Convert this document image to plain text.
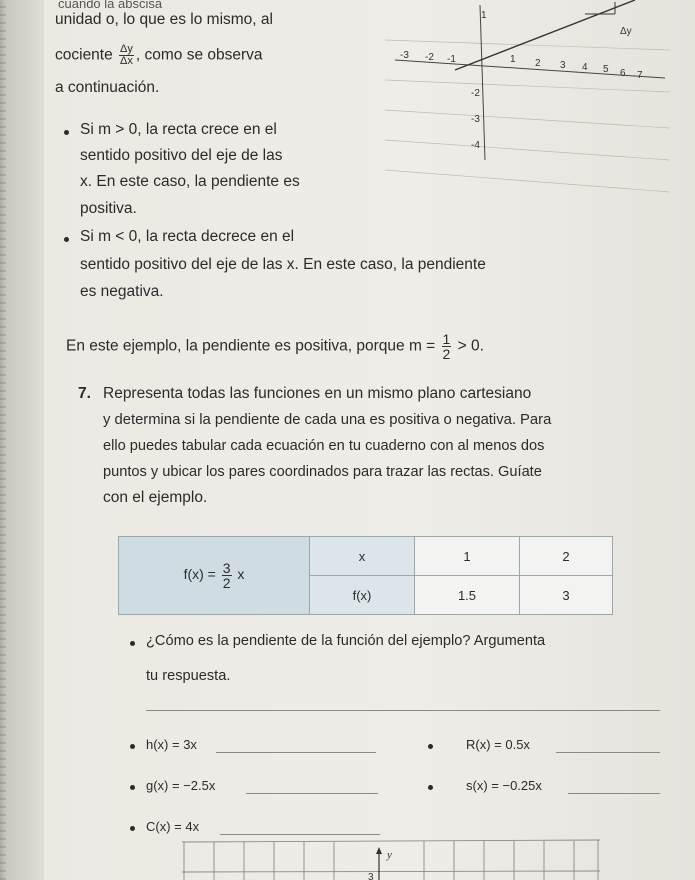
cuando la abscisa
unidad o, lo que es lo mismo, al
cociente $\frac{\Delta y}{\Delta x}$ , como se observa
a continuación.
Si m > 0, la recta crece en el
sentido positivo del eje de las
x. En este caso, la pendiente es
positiva.
Si m < 0, la recta decrece en el
sentido positivo del eje de las x. En este caso, la pendiente
es negativa.
Δy
-3 -2 -1	1 2 3 4 5 6 7
1
-2
-3
-4
En este ejemplo, la pendiente es positiva, porque $m = \frac{1}{2} > 0$.
7. Representa todas las funciones en un mismo plano cartesiano
y determina si la pendiente de cada una es positiva o negativa. Para
ello puedes tabular cada ecuación en tu cuaderno con al menos dos
puntos y ubicar los pares coordinados para trazar las rectas. Guíate
con el ejemplo.
$f(x) = \frac{3}{2}$ x	x	1	2
	f(x)	1.5	3
¿Cómo es la pendiente de la función del ejemplo? Argumenta
tu respuesta.
h(x) = 3x	R(x) = 0.5x
g(x) = −2.5x	s(x) = −0.25x
C(x) = 4x
y
3
